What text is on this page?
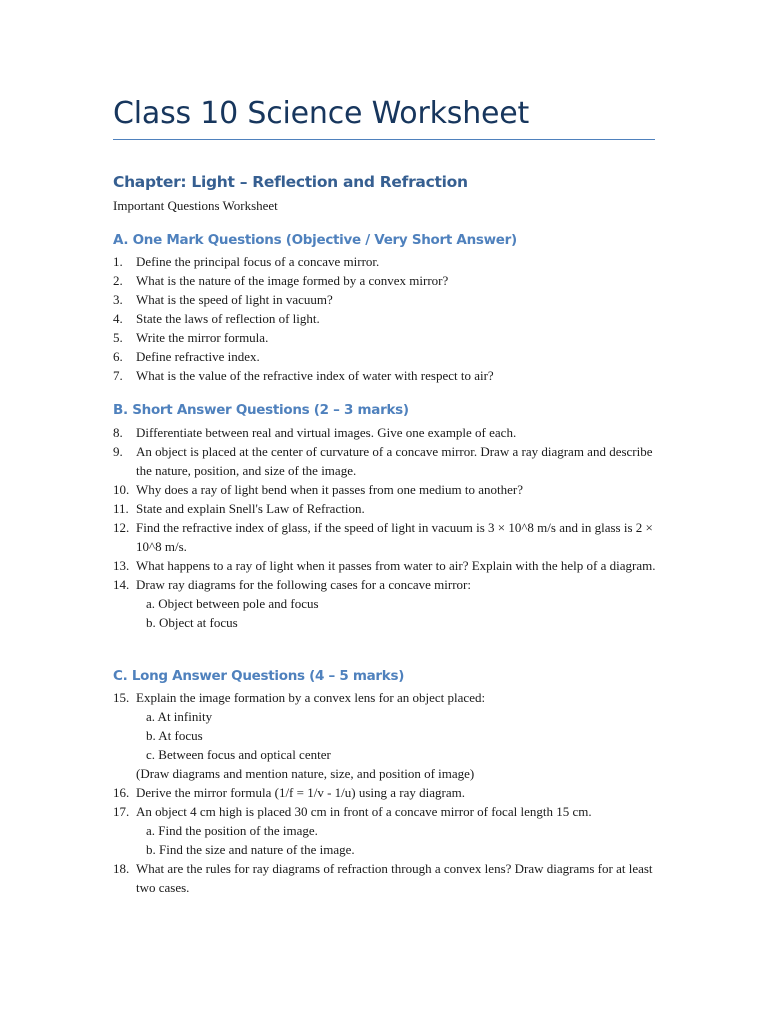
Class 10 Science Worksheet
Chapter: Light – Reflection and Refraction
Important Questions Worksheet
A. One Mark Questions (Objective / Very Short Answer)
1.	Define the principal focus of a concave mirror.
2.	What is the nature of the image formed by a convex mirror?
3.	What is the speed of light in vacuum?
4.	State the laws of reflection of light.
5.	Write the mirror formula.
6.	Define refractive index.
7.	What is the value of the refractive index of water with respect to air?
B. Short Answer Questions (2 – 3 marks)
8.	Differentiate between real and virtual images. Give one example of each.
9.	An object is placed at the center of curvature of a concave mirror. Draw a ray diagram and describe the nature, position, and size of the image.
10. Why does a ray of light bend when it passes from one medium to another?
11. State and explain Snell's Law of Refraction.
12. Find the refractive index of glass, if the speed of light in vacuum is 3 × 10^8 m/s and in glass is 2 × 10^8 m/s.
13. What happens to a ray of light when it passes from water to air? Explain with the help of a diagram.
14. Draw ray diagrams for the following cases for a concave mirror:
a. Object between pole and focus
b. Object at focus
C. Long Answer Questions (4 – 5 marks)
15. Explain the image formation by a convex lens for an object placed:
a. At infinity
b. At focus
c. Between focus and optical center
(Draw diagrams and mention nature, size, and position of image)
16. Derive the mirror formula (1/f = 1/v - 1/u) using a ray diagram.
17. An object 4 cm high is placed 30 cm in front of a concave mirror of focal length 15 cm.
a. Find the position of the image.
b. Find the size and nature of the image.
18. What are the rules for ray diagrams of refraction through a convex lens? Draw diagrams for at least two cases.
